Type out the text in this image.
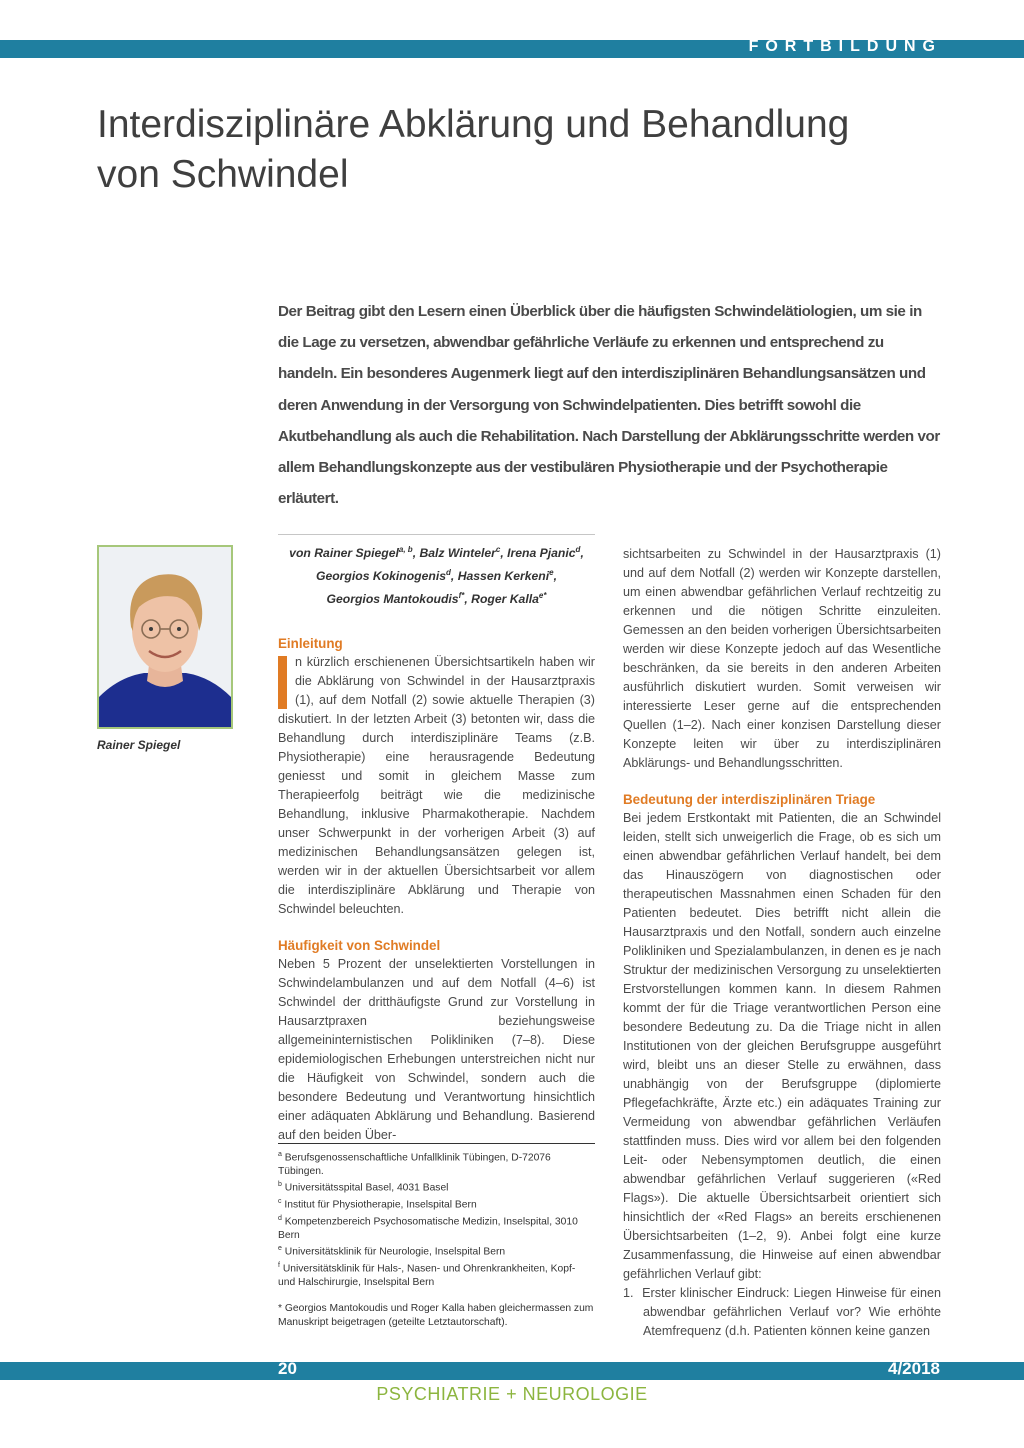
FORTBILDUNG
Interdisziplinäre Abklärung und Behandlung
von Schwindel

Der Beitrag gibt den Lesern einen Überblick über die häufigsten Schwindelätiologien, um sie in die Lage zu versetzen, abwendbar gefährliche Verläufe zu erkennen und entsprechend zu handeln. Ein besonderes Augenmerk liegt auf den interdisziplinären Behandlungsansätzen und deren Anwendung in der Versorgung von Schwindelpatienten. Dies betrifft sowohl die Akutbehandlung als auch die Rehabilitation. Nach Darstellung der Abklärungsschritte werden vor allem Behandlungskonzepte aus der vestibulären Physiotherapie und der Psychotherapie erläutert.

Rainer Spiegel

von Rainer Spiegel$^{a, b}$, Balz Winteler$^c$, Irena Pjanic$^d$,
Georgios Kokinogenis$^d$, Hassen Kerkeni$^e$,
Georgios Mantokoudis$^{f*}$, Roger Kalla$^{e*}$

Einleitung

I	n kürzlich erschienenen Übersichtsartikeln haben wir die Abklärung von Schwindel in der Hausarztpraxis (1), auf dem Notfall (2) sowie aktuelle Therapien (3) diskutiert. In der letzten Arbeit (3) betonten wir, dass die Behandlung durch interdisziplinäre Teams (z.B. Physiotherapie) eine herausragende Bedeutung geniesst und somit in gleichem Masse zum Therapieerfolg beiträgt wie die medizinische Behandlung, inklusive Pharmakotherapie. Nachdem unser Schwerpunkt in der vorherigen Arbeit (3) auf medizinischen Behandlungsansätzen gelegen ist, werden wir in der aktuellen Übersichtsarbeit vor allem die interdisziplinäre Abklärung und Therapie von Schwindel beleuchten.

Häufigkeit von Schwindel

Neben 5 Prozent der unselektierten Vorstellungen in Schwindelambulanzen und auf dem Notfall (4–6) ist Schwindel der dritthäufigste Grund zur Vorstellung in Hausarztpraxen beziehungsweise allgemeininternistischen Polikliniken (7–8). Diese epidemiologischen Erhebungen unterstreichen nicht nur die Häufigkeit von Schwindel, sondern auch die besondere Bedeutung und Verantwortung hinsichtlich einer adäquaten Abklärung und Behandlung. Basierend auf den beiden Über-

$^a$ Berufsgenossenschaftliche Unfallklinik Tübingen, D-72076 Tübingen.
$^b$ Universitätsspital Basel, 4031 Basel
$^c$ Institut für Physiotherapie, Inselspital Bern
$^d$ Kompetenzbereich Psychosomatische Medizin, Inselspital, 3010 Bern
$^e$ Universitätsklinik für Neurologie, Inselspital Bern
$^f$ Universitätsklinik für Hals-, Nasen- und Ohrenkrankheiten, Kopf- und Halschirurgie, Inselspital Bern
* Georgios Mantokoudis und Roger Kalla haben gleichermassen zum Manuskript beigetragen (geteilte Letztautorschaft).

sichtsarbeiten zu Schwindel in der Hausarztpraxis (1) und auf dem Notfall (2) werden wir Konzepte darstellen, um einen abwendbar gefährlichen Verlauf rechtzeitig zu erkennen und die nötigen Schritte einzuleiten. Gemessen an den beiden vorherigen Übersichtsarbeiten werden wir diese Konzepte jedoch auf das Wesentliche beschränken, da sie bereits in den anderen Arbeiten ausführlich diskutiert wurden. Somit verweisen wir interessierte Leser gerne auf die entsprechenden Quellen (1–2). Nach einer konzisen Darstellung dieser Konzepte leiten wir über zu interdisziplinären Abklärungs- und Behandlungsschritten.

Bedeutung der interdisziplinären Triage

Bei jedem Erstkontakt mit Patienten, die an Schwindel leiden, stellt sich unweigerlich die Frage, ob es sich um einen abwendbar gefährlichen Verlauf handelt, bei dem das Hinauszögern von diagnostischen oder therapeutischen Massnahmen einen Schaden für den Patienten bedeutet. Dies betrifft nicht allein die Hausarztpraxis und den Notfall, sondern auch einzelne Polikliniken und Spezialambulanzen, in denen es je nach Struktur der medizinischen Versorgung zu unselektierten Erstvorstellungen kommen kann. In diesem Rahmen kommt der für die Triage verantwortlichen Person eine besondere Bedeutung zu. Da die Triage nicht in allen Institutionen von der gleichen Berufsgruppe ausgeführt wird, bleibt uns an dieser Stelle zu erwähnen, dass unabhängig von der Berufsgruppe (diplomierte Pflegefachkräfte, Ärzte etc.) ein adäquates Training zur Vermeidung von abwendbar gefährlichen Verläufen stattfinden muss. Dies wird vor allem bei den folgenden Leit- oder Nebensymptomen deutlich, die einen abwendbar gefährlichen Verlauf suggerieren («Red Flags»). Die aktuelle Übersichtsarbeit orientiert sich hinsichtlich der «Red Flags» an bereits erschienenen Übersichtsarbeiten (1–2, 9). Anbei folgt eine kurze Zusammenfassung, die Hinweise auf einen abwendbar gefährlichen Verlauf gibt:

1.  Erster klinischer Eindruck: Liegen Hinweise für einen abwendbar gefährlichen Verlauf vor? Wie erhöhte Atemfrequenz (d.h. Patienten können keine ganzen

20	4/2018
PSYCHIATRIE + NEUROLOGIE
